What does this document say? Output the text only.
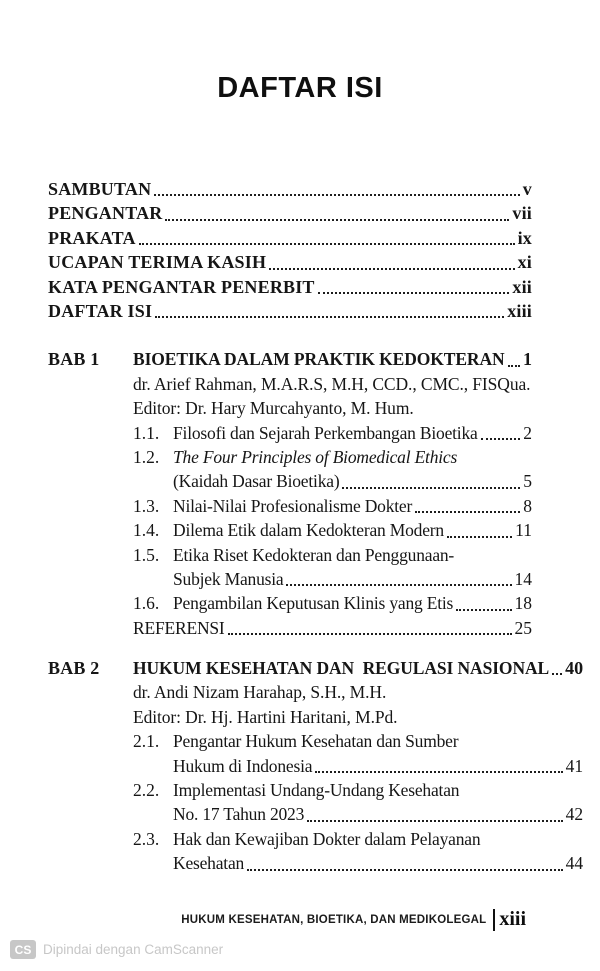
DAFTAR ISI
SAMBUTAN	v
PENGANTAR	vii
PRAKATA	ix
UCAPAN TERIMA KASIH	xi
KATA PENGANTAR PENERBIT	xii
DAFTAR ISI	xiii
BAB 1	BIOETIKA DALAM PRAKTIK KEDOKTERAN 1
dr. Arief Rahman, M.A.R.S, M.H, CCD., CMC., FISQua.
Editor: Dr. Hary Murcahyanto, M. Hum.
1.1. Filosofi dan Sejarah Perkembangan Bioetika	2
1.2. The Four Principles of Biomedical Ethics
(Kaidah Dasar Bioetika)	5
1.3. Nilai-Nilai Profesionalisme Dokter	8
1.4. Dilema Etik dalam Kedokteran Modern	11
1.5. Etika Riset Kedokteran dan Penggunaan-
Subjek Manusia	14
1.6. Pengambilan Keputusan Klinis yang Etis	18
REFERENSI	25
BAB 2	HUKUM KESEHATAN DAN  REGULASI NASIONAL 40
dr. Andi Nizam Harahap, S.H., M.H.
Editor: Dr. Hj. Hartini Haritani, M.Pd.
2.1. Pengantar Hukum Kesehatan dan Sumber
Hukum di Indonesia	41
2.2. Implementasi Undang-Undang Kesehatan
No. 17 Tahun 2023	42
2.3. Hak dan Kewajiban Dokter dalam Pelayanan
Kesehatan	44
HUKUM KESEHATAN, BIOETIKA, DAN MEDIKOLEGAL xiii
CS Dipindai dengan CamScanner
